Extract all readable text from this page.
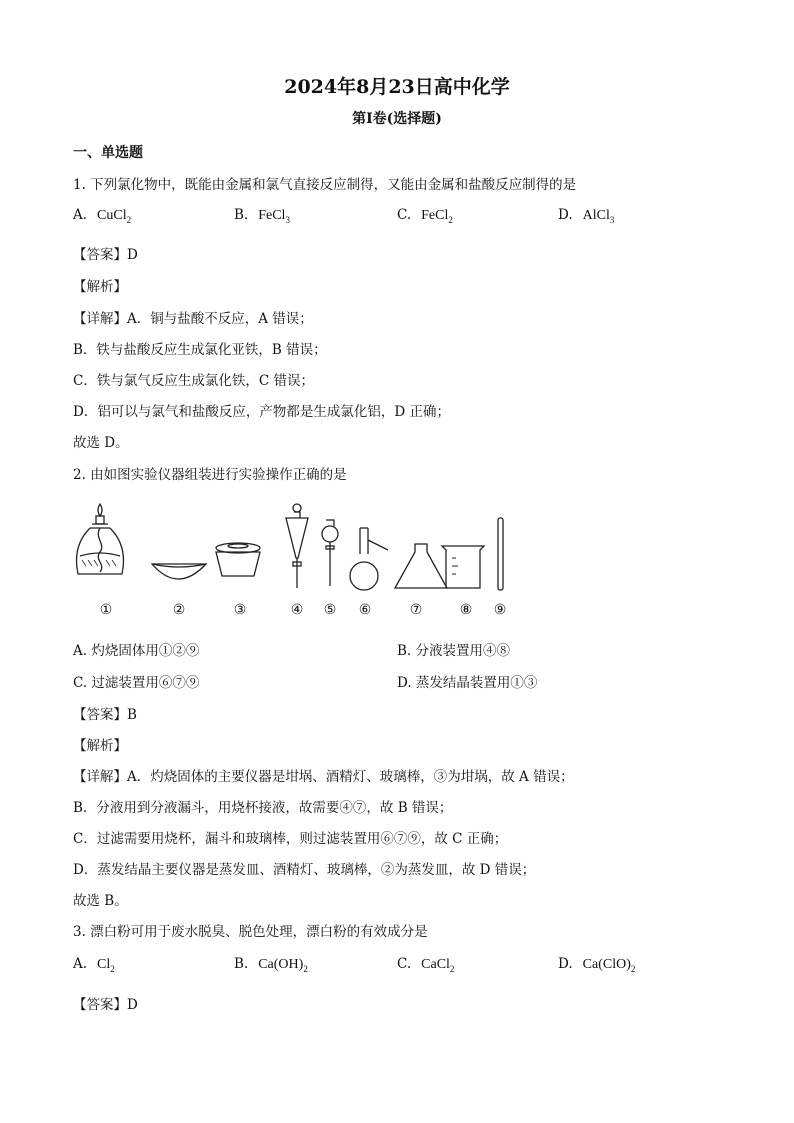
2024年8月23日高中化学
第I卷(选择题)
一、单选题
1. 下列氯化物中，既能由金属和氯气直接反应制得，又能由金属和盐酸反应制得的是
A. CuCl$_2$	B. FeCl$_3$	C. FeCl$_2$	D. AlCl$_3$
【答案】D
【解析】
【详解】A．铜与盐酸不反应，A 错误；
B．铁与盐酸反应生成氯化亚铁，B 错误；
C．铁与氯气反应生成氯化铁，C 错误；
D．铝可以与氯气和盐酸反应，产物都是生成氯化铝，D 正确；
故选 D。
2. 由如图实验仪器组装进行实验操作正确的是
①	②	③	④	⑤	⑥	⑦	⑧	⑨
A. 灼烧固体用①②⑨	B. 分液装置用④⑧
C. 过滤装置用⑥⑦⑨	D. 蒸发结晶装置用①③
【答案】B
【解析】
【详解】A．灼烧固体的主要仪器是坩埚、酒精灯、玻璃棒，③为坩埚，故 A 错误；
B．分液用到分液漏斗，用烧杯接液，故需要④⑦，故 B 错误；
C．过滤需要用烧杯，漏斗和玻璃棒，则过滤装置用⑥⑦⑨，故 C 正确；
D．蒸发结晶主要仪器是蒸发皿、酒精灯、玻璃棒，②为蒸发皿，故 D 错误；
故选 B。
3. 漂白粉可用于废水脱臭、脱色处理，漂白粉的有效成分是
A. $Cl_2$	B. $Ca(OH)_2$	C. CaCl$_2$	D. $Ca(ClO)_2$
【答案】D
